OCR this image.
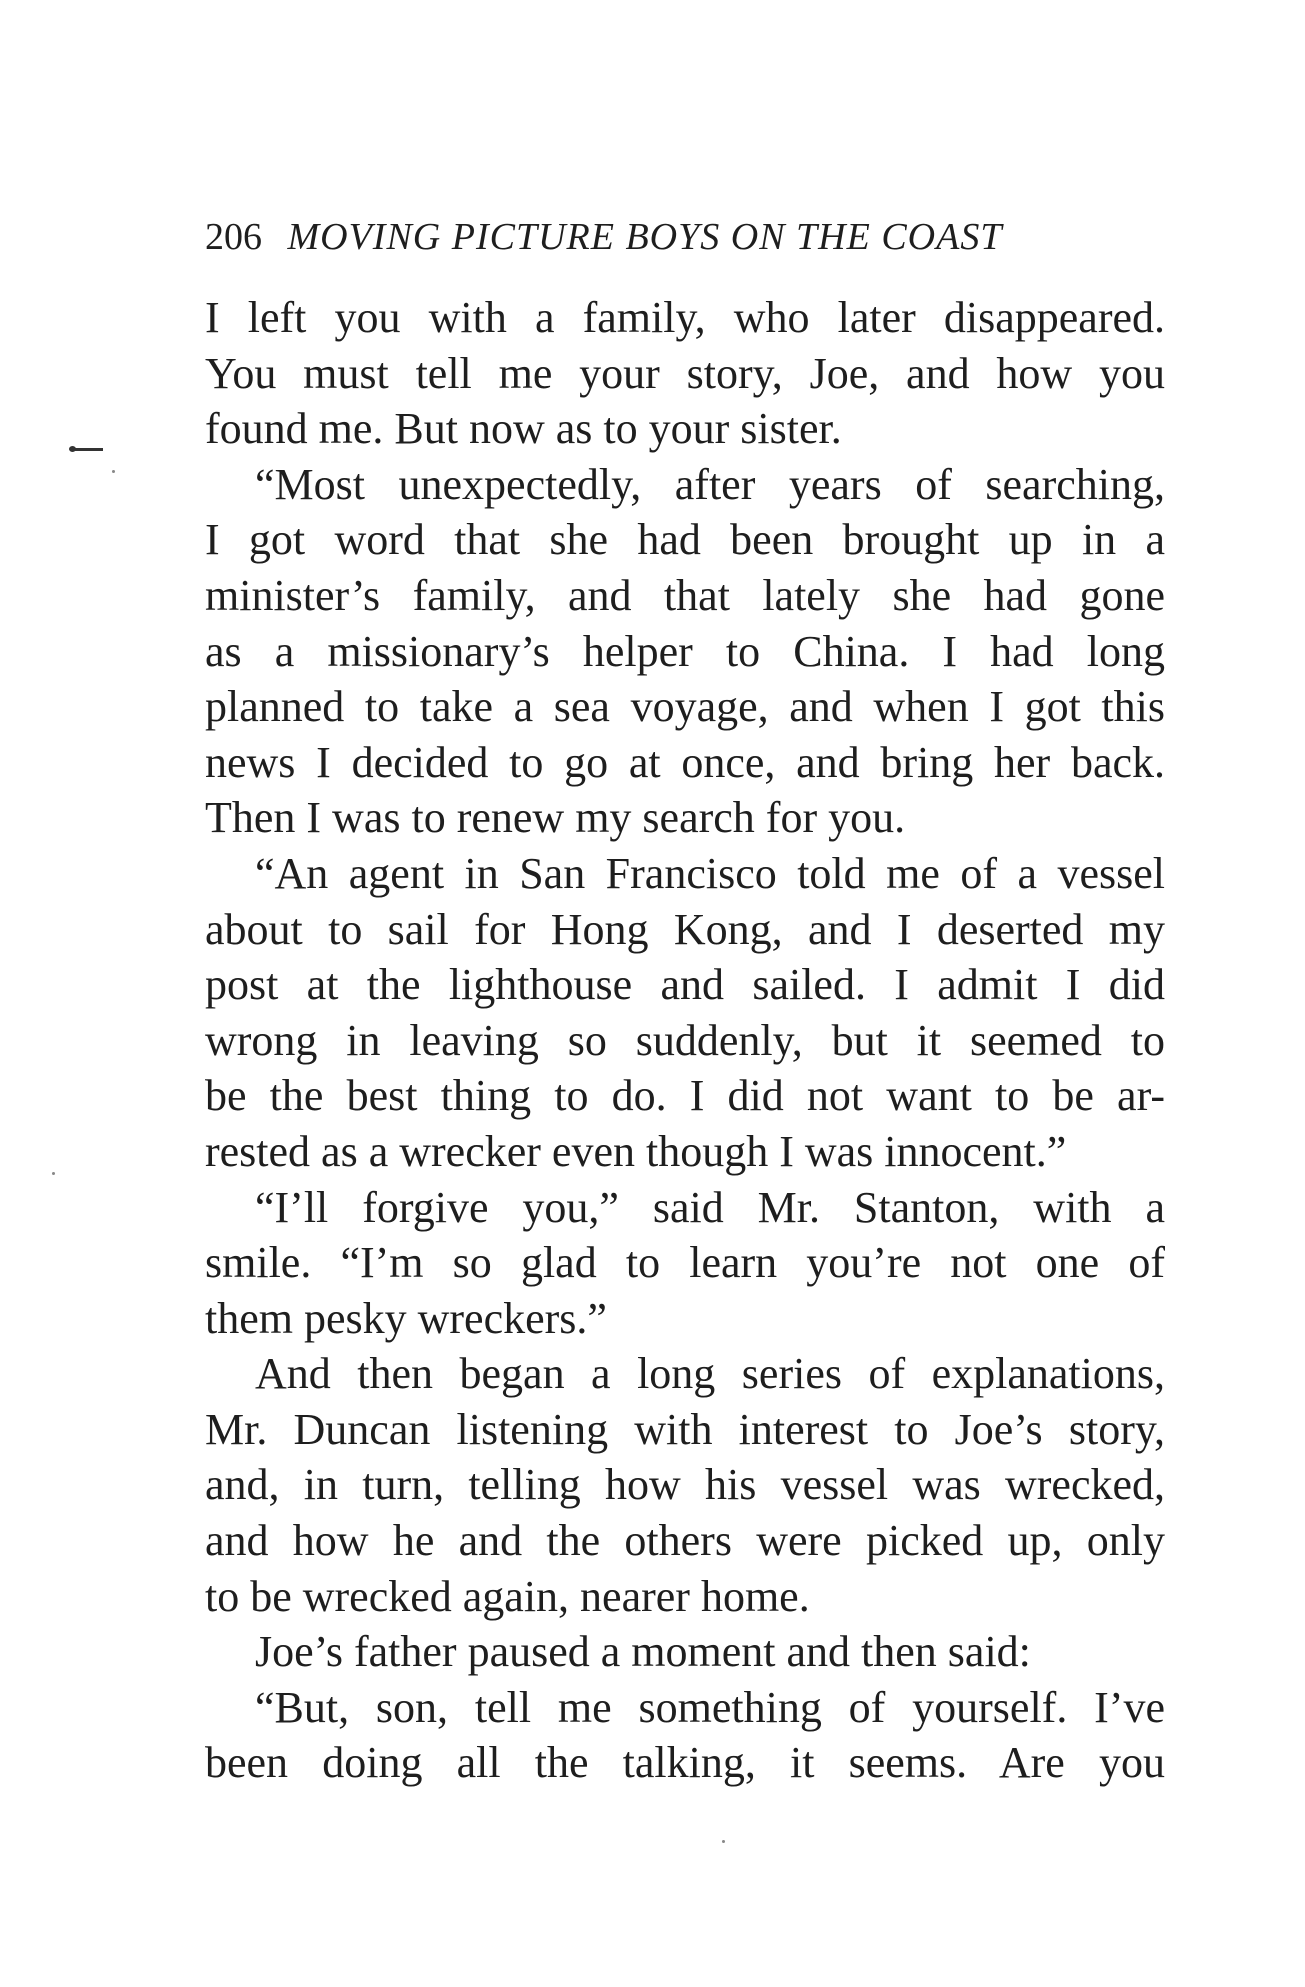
206 MOVING PICTURE BOYS ON THE COAST
I left you with a family, who later disappeared.
You must tell me your story, Joe, and how you
found me. But now as to your sister.
“Most unexpectedly, after years of searching,
I got word that she had been brought up in a
minister’s family, and that lately she had gone
as a missionary’s helper to China. I had long
planned to take a sea voyage, and when I got this
news I decided to go at once, and bring her back.
Then I was to renew my search for you.
“An agent in San Francisco told me of a vessel
about to sail for Hong Kong, and I deserted my
post at the lighthouse and sailed. I admit I did
wrong in leaving so suddenly, but it seemed to
be the best thing to do. I did not want to be ar-
rested as a wrecker even though I was innocent.”
“I’ll forgive you,” said Mr. Stanton, with a
smile. “I’m so glad to learn you’re not one of
them pesky wreckers.”
And then began a long series of explanations,
Mr. Duncan listening with interest to Joe’s story,
and, in turn, telling how his vessel was wrecked,
and how he and the others were picked up, only
to be wrecked again, nearer home.
Joe’s father paused a moment and then said:
“But, son, tell me something of yourself. I’ve
been doing all the talking, it seems. Are you
